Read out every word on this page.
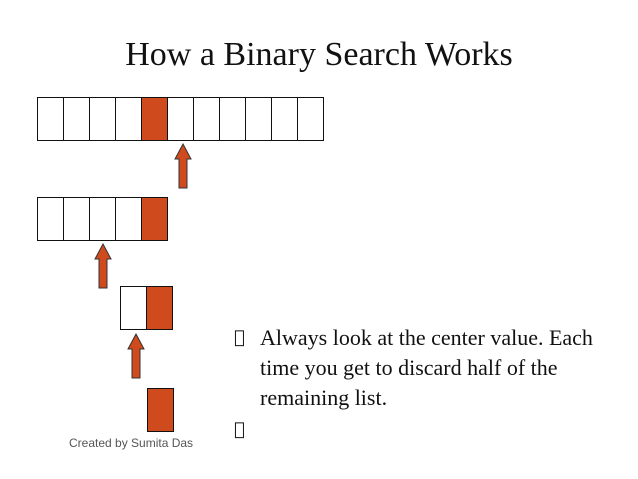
How a Binary Search Works
Always look at the center value. Each time you get to discard half of the remaining list.
Created by Sumita Das
